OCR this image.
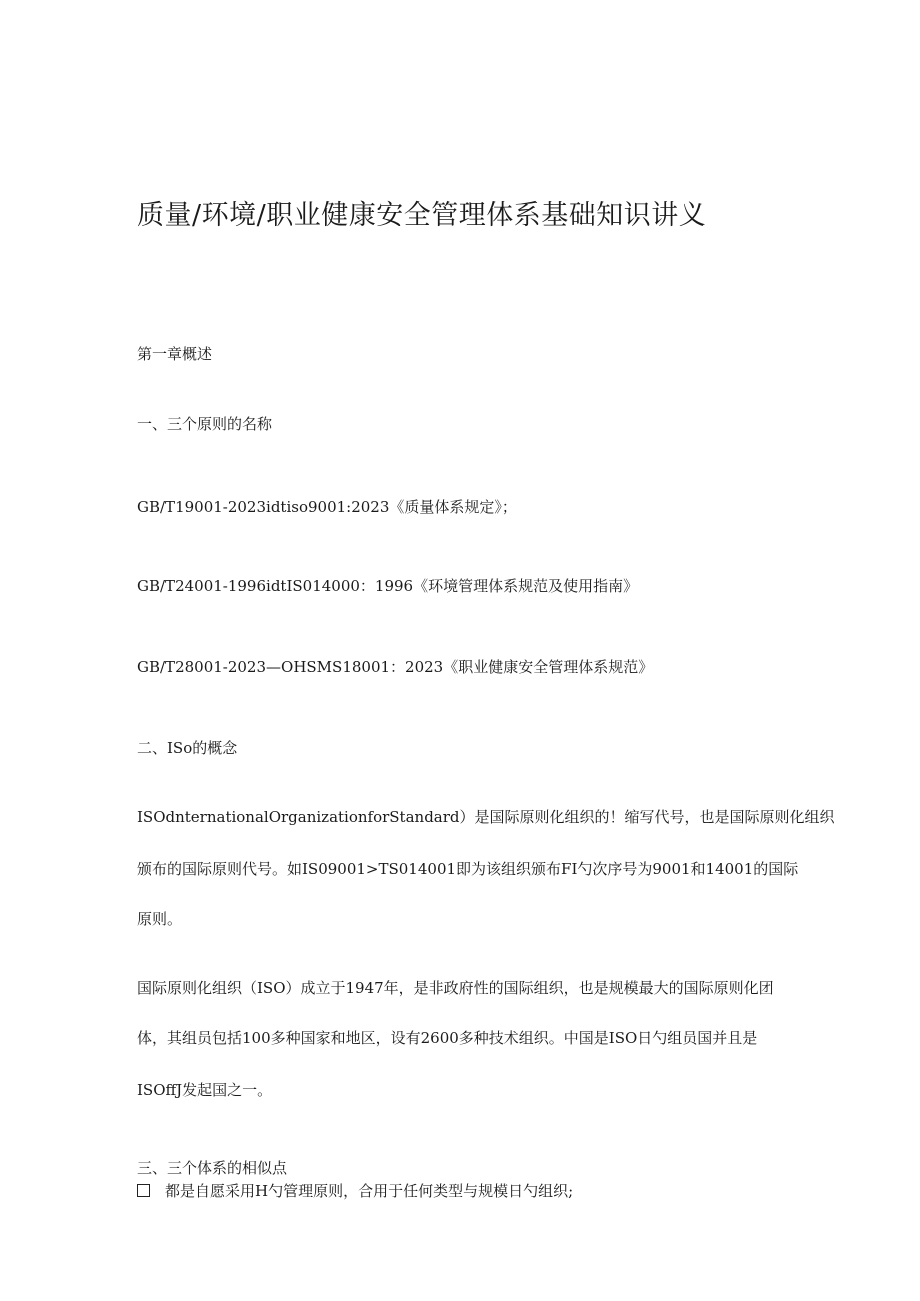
质量/环境/职业健康安全管理体系基础知识讲义
第一章概述
一、三个原则的名称
GB/T19001-2023idtiso9001:2023《质量体系规定》；
GB/T24001-1996idtIS014000：1996《环境管理体系规范及使用指南》
GB/T28001-2023—OHSMS18001：2023《职业健康安全管理体系规范》
二、ISo的概念
ISOdnternationalOrganizationforStandard）是国际原则化组织的！缩写代号，也是国际原则化组织
颁布的国际原则代号。如IS09001>TS014001即为该组织颁布FI勺次序号为9001和14001的国际
原则。
国际原则化组织（ISO）成立于1947年，是非政府性的国际组织，也是规模最大的国际原则化团
体，其组员包括100多种国家和地区，设有2600多种技术组织。中国是ISO日勺组员国并且是
ISOffJ发起国之一。
三、三个体系的相似点
都是自愿采用H勺管理原则，合用于任何类型与规模日勺组织;
